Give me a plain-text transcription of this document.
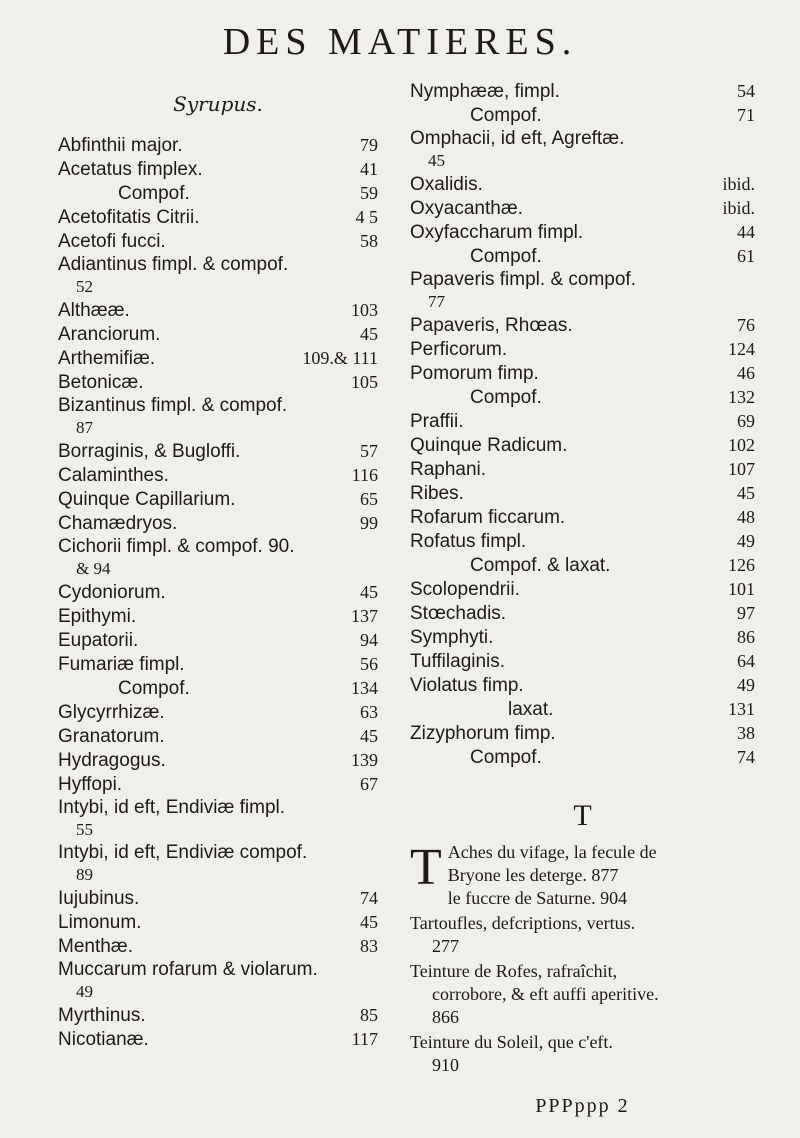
DES MATIERES.
Syrupus.
Abfinthii major.	79
Acetatus fimplex.	41
Compof.	59
Acetofitatis Citrii.	4 5
Acetofi fucci.	58
Adiantinus fimpl. & compof.
52
Althææ.	103
Aranciorum.	45
Arthemifiæ.	109.& 111
Betonicæ.	105
Bizantinus fimpl. & compof.
87
Borraginis, & Bugloffi.	57
Calaminthes.	116
Quinque Capillarium.	65
Chamædryos.	99
Cichorii fimpl. & compof. 90.
& 94
Cydoniorum.	45
Epithymi.	137
Eupatorii.	94
Fumariæ fimpl.	56
Compof.	134
Glycyrrhizæ.	63
Granatorum.	45
Hydragogus.	139
Hyffopi.	67
Intybi, id eft, Endiviæ fimpl.
55
Intybi, id eft, Endiviæ compof.
89
Iujubinus.	74
Limonum.	45
Menthæ.	83
Muccarum rofarum & violarum.
49
Myrthinus.	85
Nicotianæ.	117
Nymphææ, fimpl.	54
Compof.	71
Omphacii, id eft, Agreftæ.
45
Oxalidis.	ibid.
Oxyacanthæ.	ibid.
Oxyfaccharum fimpl.	44
Compof.	61
Papaveris fimpl. & compof.
77
Papaveris, Rhœas.	76
Perficorum.	124
Pomorum fimp.	46
Compof.	132
Praffii.	69
Quinque Radicum.	102
Raphani.	107
Ribes.	45
Rofarum ficcarum.	48
Rofatus fimpl.	49
Compof. & laxat.	126
Scolopendrii.	101
Stœchadis.	97
Symphyti.	86
Tuffilaginis.	64
Violatus fimp.	49
laxat.	131
Zizyphorum fimp.	38
Compof.	74
T
T Aches du vifage, la fecule de
Bryone les deterge. 877
le fuccre de Saturne. 904
Tartoufles, defcriptions, vertus.
277
Teinture de Rofes, rafraîchit,
corrobore, & eft auffi aperitive.
866
Teinture du Soleil, que c'eft.
910
PPPppp 2
